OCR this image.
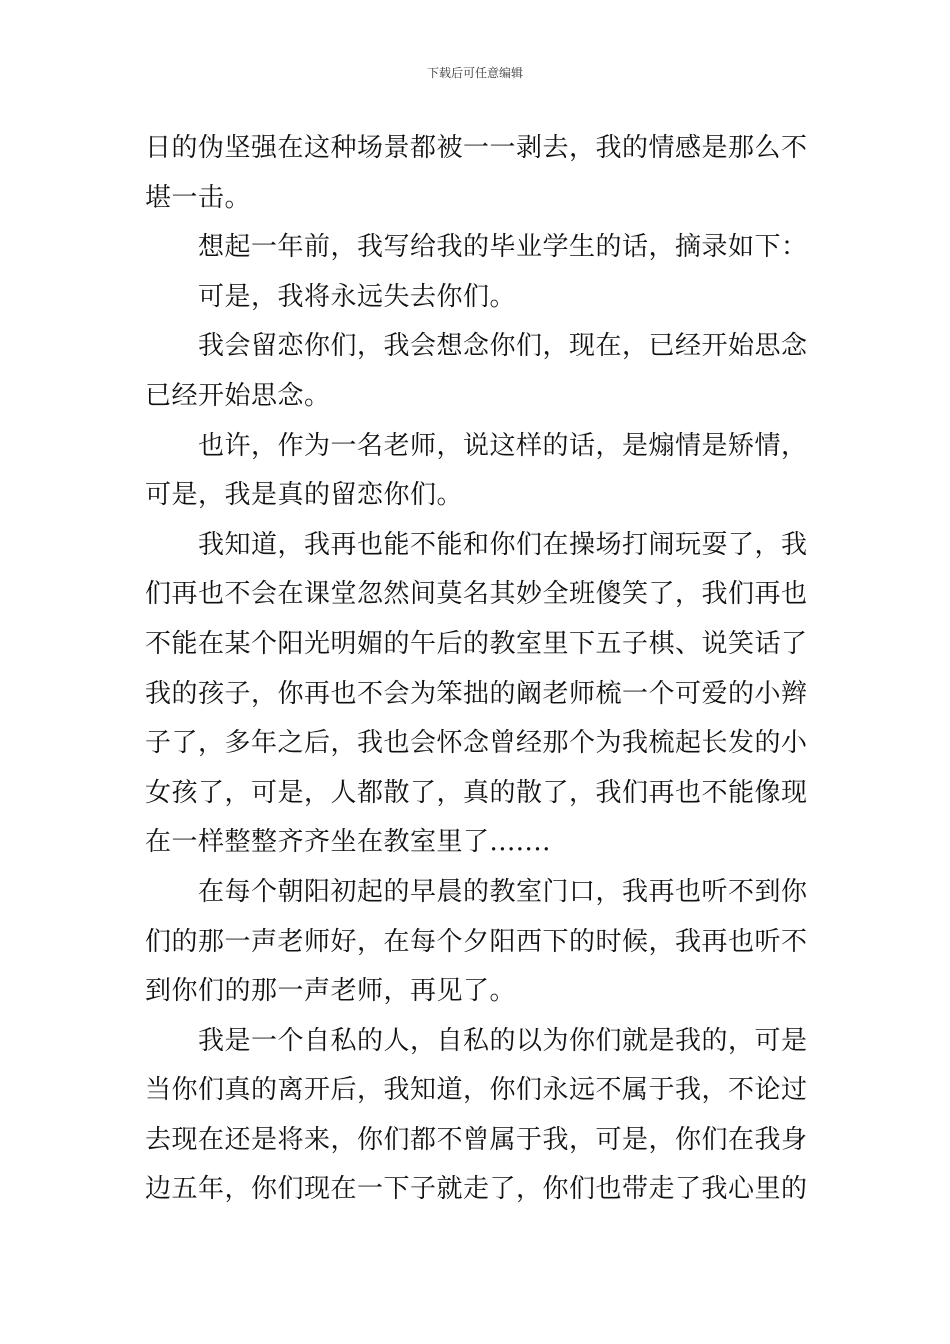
下载后可任意编辑
日的伪坚强在这种场景都被一一剥去，我的情感是那么不
堪一击。
想起一年前，我写给我的毕业学生的话，摘录如下：
可是，我将永远失去你们。
我会留恋你们，我会想念你们，现在，已经开始思念
已经开始思念。
也许，作为一名老师，说这样的话，是煽情是矫情，
可是，我是真的留恋你们。
我知道，我再也能不能和你们在操场打闹玩耍了，我
们再也不会在课堂忽然间莫名其妙全班傻笑了，我们再也
不能在某个阳光明媚的午后的教室里下五子棋、说笑话了
我的孩子，你再也不会为笨拙的阚老师梳一个可爱的小辫
子了，多年之后，我也会怀念曾经那个为我梳起长发的小
女孩了，可是，人都散了，真的散了，我们再也不能像现
在一样整整齐齐坐在教室里了.......
在每个朝阳初起的早晨的教室门口，我再也听不到你
们的那一声老师好，在每个夕阳西下的时候，我再也听不
到你们的那一声老师，再见了。
我是一个自私的人，自私的以为你们就是我的，可是
当你们真的离开后，我知道，你们永远不属于我，不论过
去现在还是将来，你们都不曾属于我，可是，你们在我身
边五年，你们现在一下子就走了，你们也带走了我心里的
